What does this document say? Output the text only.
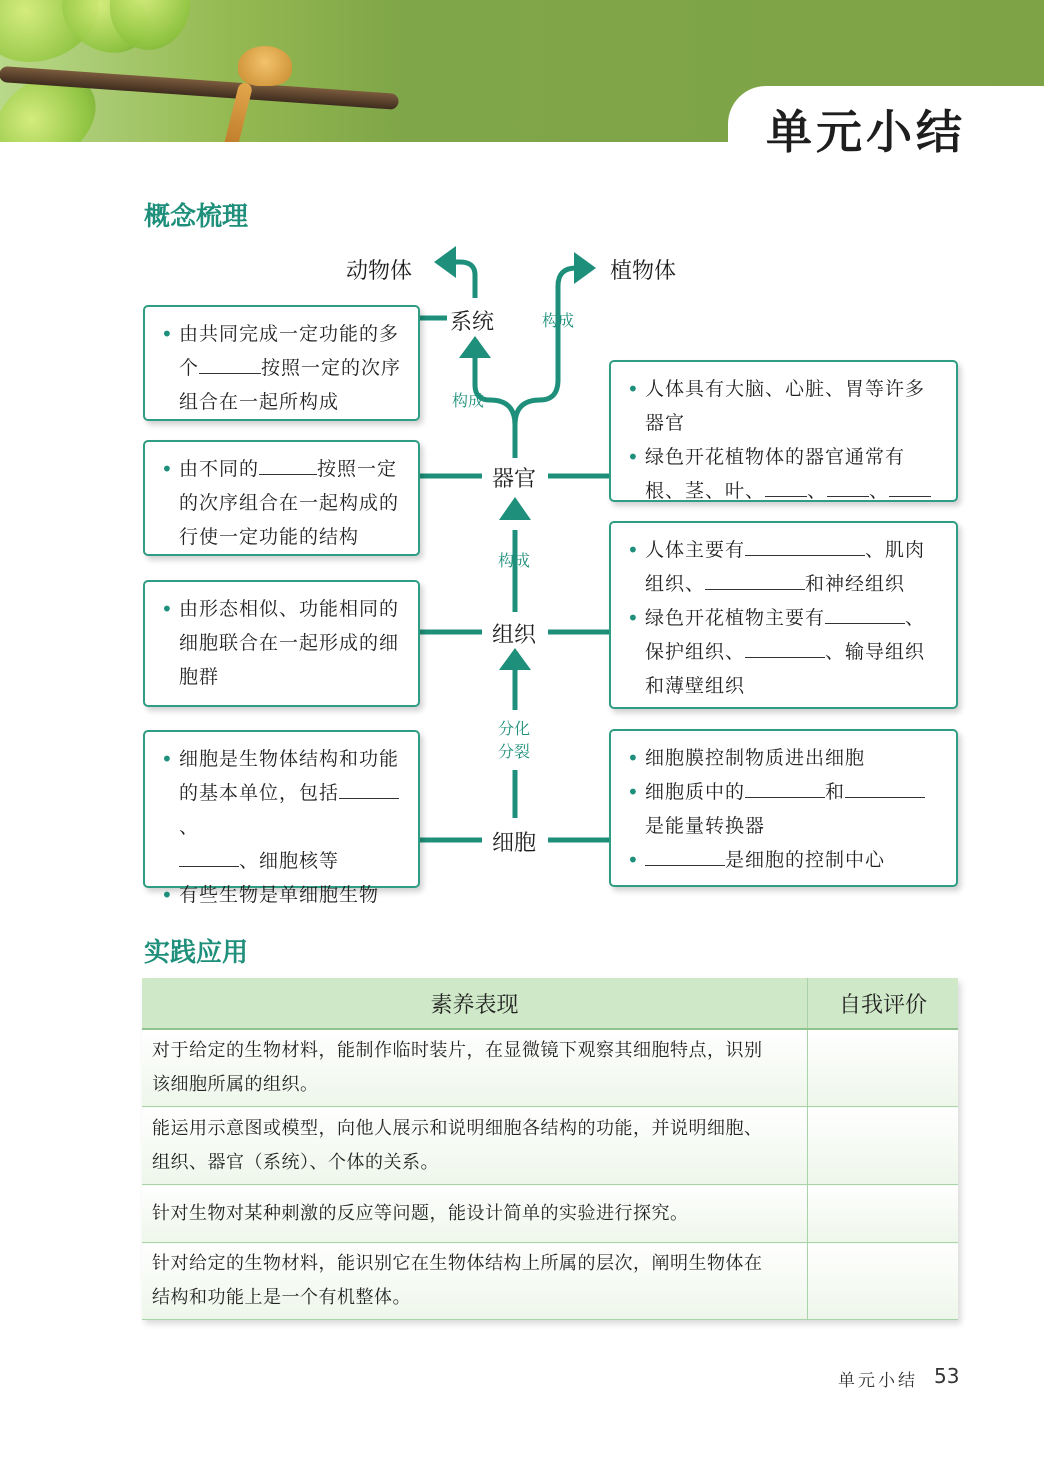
单元小结
概念梳理
动物体	植物体
系统
器官
组织
细胞
构成
构成
构成
分化
分裂
• 由共同完成一定功能的多
个	按照一定的次序
组合在一起所构成
• 由不同的	按照一定
的次序组合在一起构成的
行使一定功能的结构
• 由形态相似、功能相同的
细胞联合在一起形成的细
胞群
• 细胞是生物体结构和功能
的基本单位，包括、
、细胞核等
• 有些生物是单细胞生物
• 人体具有大脑、心脏、胃等许多
器官
• 绿色开花植物体的器官通常有
根、茎、叶、 、 、
• 人体主要有	、肌肉
组织、	和神经组织
• 绿色开花植物主要有	、
保护组织、	、输导组织
和薄壁组织
• 细胞膜控制物质进出细胞
• 细胞质中的	和
是能量转换器
• 是细胞的控制中心
实践应用
素养表现	自我评价

对于给定的生物材料，能制作临时装片，在显微镜下观察其细胞特点，识别
该细胞所属的组织。	

能运用示意图或模型，向他人展示和说明细胞各结构的功能，并说明细胞、
组织、器官（系统）、个体的关系。	

针对生物对某种刺激的反应等问题，能设计简单的实验进行探究。	

针对给定的生物材料，能识别它在生物体结构上所属的层次，阐明生物体在
结构和功能上是一个有机整体。	

单元小结 53
